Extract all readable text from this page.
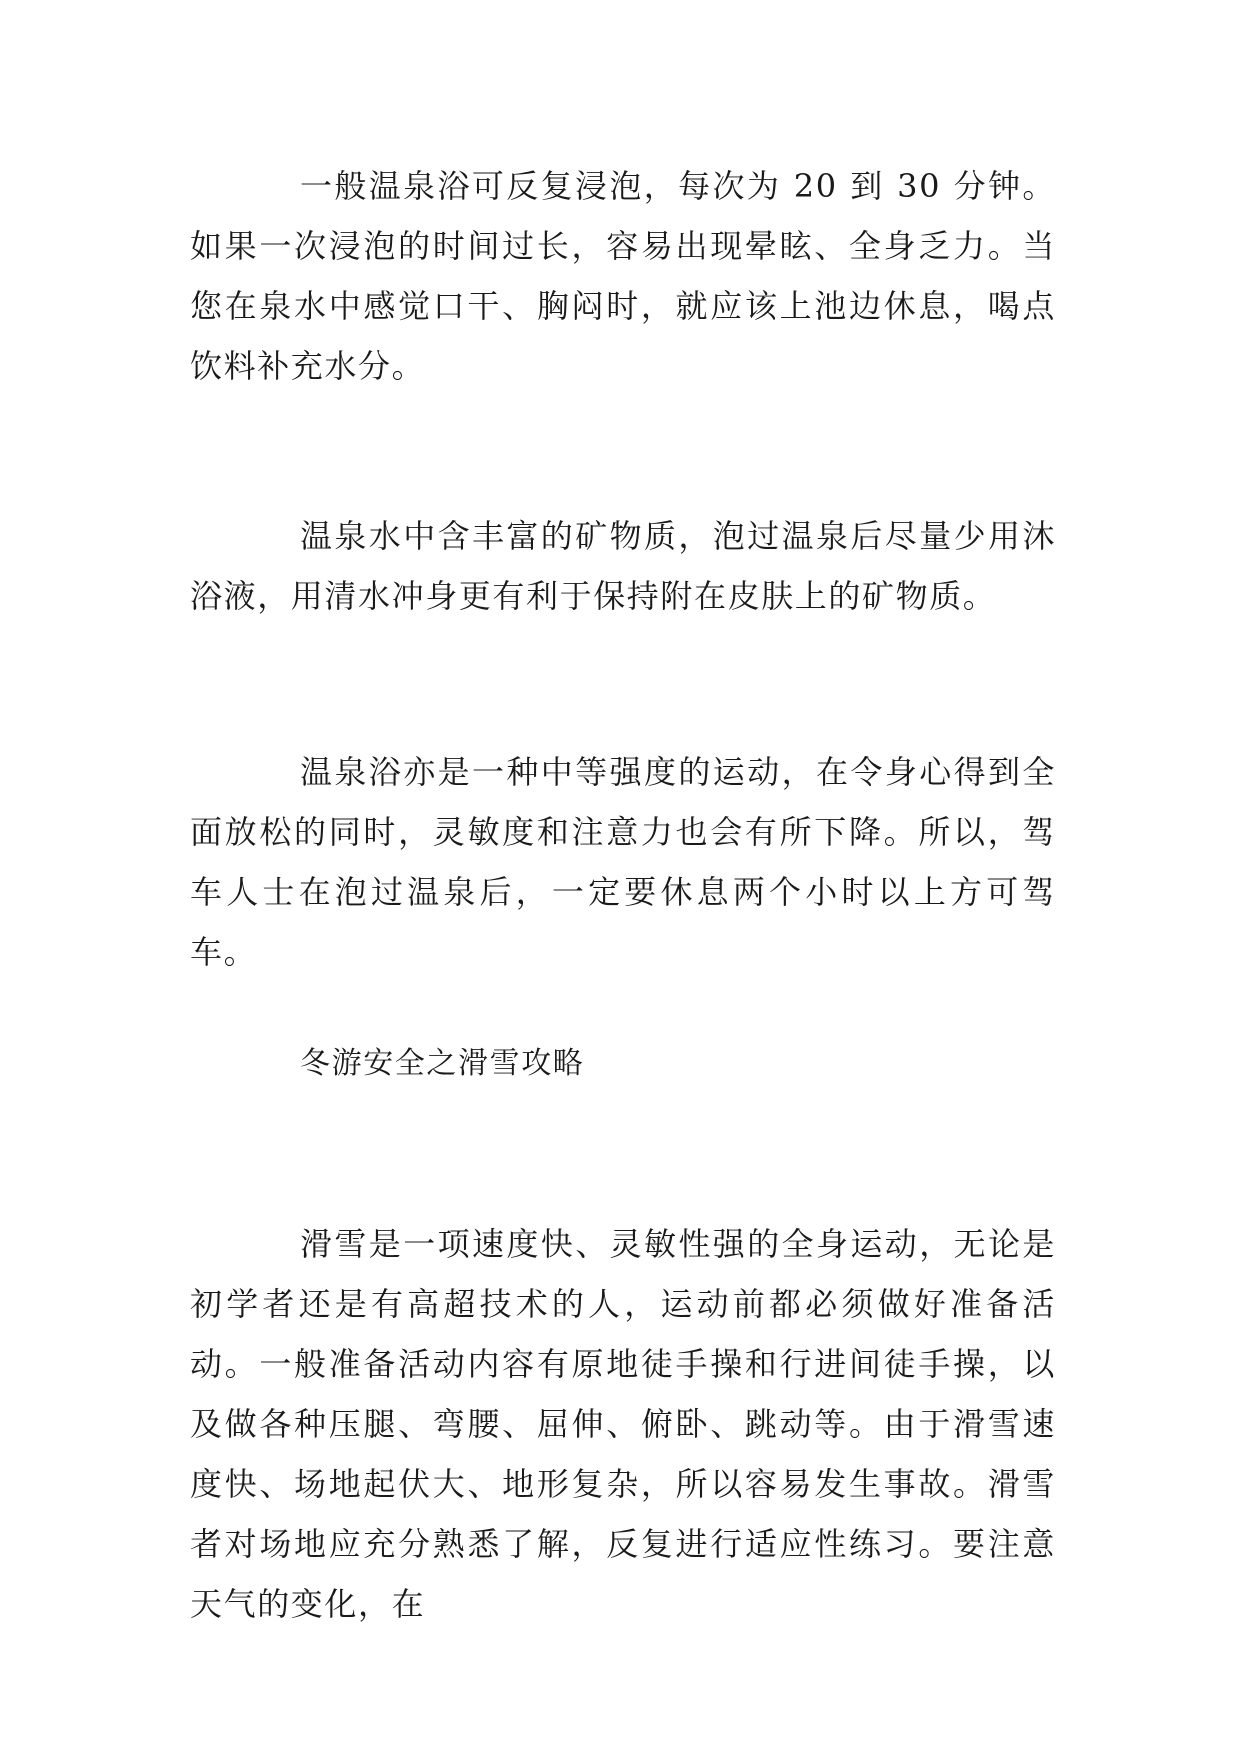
一般温泉浴可反复浸泡，每次为 20 到 30 分钟。如果一次浸泡的时间过长，容易出现晕眩、全身乏力。当您在泉水中感觉口干、胸闷时，就应该上池边休息，喝点饮料补充水分。

温泉水中含丰富的矿物质，泡过温泉后尽量少用沐浴液，用清水冲身更有利于保持附在皮肤上的矿物质。

温泉浴亦是一种中等强度的运动，在令身心得到全面放松的同时，灵敏度和注意力也会有所下降。所以，驾车人士在泡过温泉后，一定要休息两个小时以上方可驾车。

冬游安全之滑雪攻略

滑雪是一项速度快、灵敏性强的全身运动，无论是初学者还是有高超技术的人，运动前都必须做好准备活动。一般准备活动内容有原地徒手操和行进间徒手操，以及做各种压腿、弯腰、屈伸、俯卧、跳动等。由于滑雪速度快、场地起伏大、地形复杂，所以容易发生事故。滑雪者对场地应充分熟悉了解，反复进行适应性练习。要注意天气的变化，在
